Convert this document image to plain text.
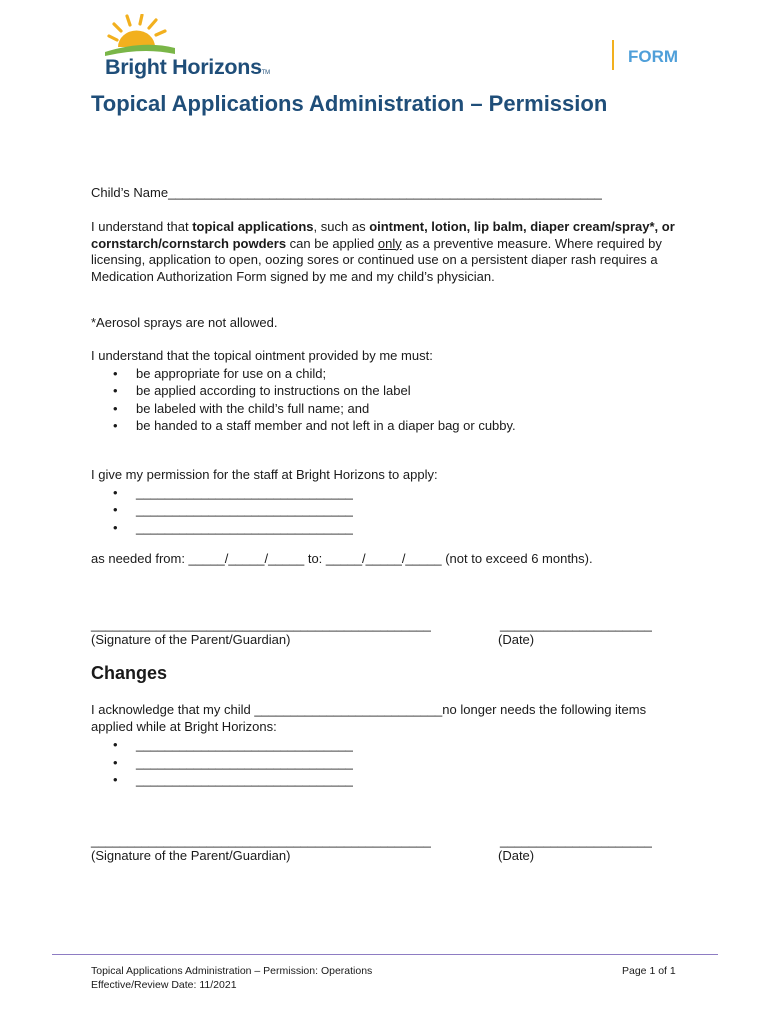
Bright HorizonsTM
FORM
Topical Applications Administration – Permission
Child’s Name____________________________________________________________
I understand that topical applications, such as ointment, lotion, lip balm, diaper cream/spray*, or cornstarch/cornstarch powders can be applied only as a preventive measure. Where required by licensing, application to open, oozing sores or continued use on a persistent diaper rash requires a Medication Authorization Form signed by me and my child’s physician.
*Aerosol sprays are not allowed.
I understand that the topical ointment provided by me must:
• be appropriate for use on a child;
• be applied according to instructions on the label
• be labeled with the child’s full name; and
• be handed to a staff member and not left in a diaper bag or cubby.
I give my permission for the staff at Bright Horizons to apply:
• ______________________________
• ______________________________
• ______________________________
as needed from: _____/_____/_____ to: _____/_____/_____ (not to exceed 6 months).
_______________________________________________	_____________________
(Signature of the Parent/Guardian)	(Date)
Changes
I acknowledge that my child __________________________no longer needs the following items applied while at Bright Horizons:
• ______________________________
• ______________________________
• ______________________________
_______________________________________________	_____________________
(Signature of the Parent/Guardian)	(Date)
Topical Applications Administration – Permission: Operations
Effective/Review Date: 11/2021
Page 1 of 1
